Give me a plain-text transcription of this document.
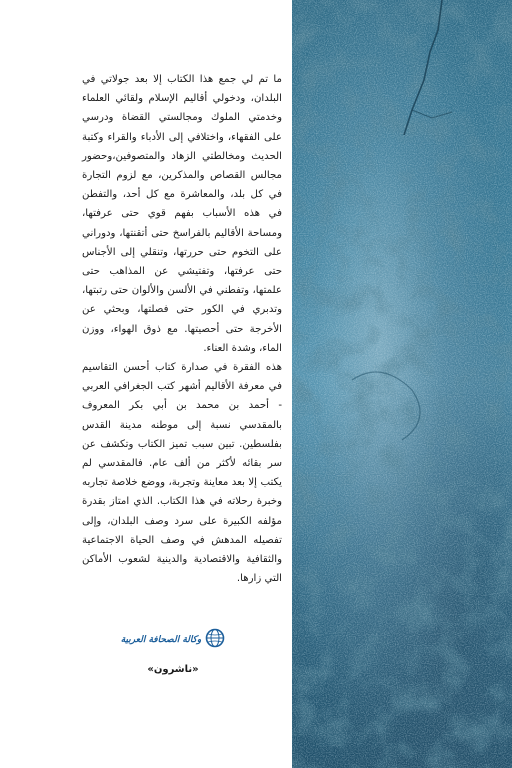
ما تم لي جمع هذا الكتاب إلا بعد جولاتي في البلدان، ودخولي أقاليم الإسلام ولقائي العلماء وخدمتي الملوك ومجالستي القضاة ودرسي على الفقهاء، واختلافي إلى الأدباء والقراء وكتبة الحديث ومخالطتي الزهاد والمتصوفين،وحضور مجالس القصاص والمذكرين، مع لزوم التجارة في كل بلد، والمعاشرة مع كل أحد، والتفطن في هذه الأسباب بفهم قوي حتى عرفتها، ومساحة الأقاليم بالفراسخ حتى أتقنتها، ودوراني على التخوم حتى حررتها، وتنقلي إلى الأجناس حتى عرفتها، وتفتيشي عن المذاهب حتى علمتها، وتفطني في الألسن والألوان حتى رتبتها، وتدبري في الكور حتى فصلتها، وبحثي عن الأخرجة حتى أحصيتها. مع ذوق الهواء، ووزن الماء، وشدة العناء.

هذه الفقرة في صدارة كتاب أحسن التقاسيم في معرفة الأقاليم أشهر كتب الجغرافي العربي - أحمد بن محمد بن أبي بكر المعروف بالمقدسي نسبة إلى موطنه مدينة القدس بفلسطين. تبين سبب تميز الكتاب وتكشف عن سر بقائه لأكثر من ألف عام. فالمقدسي لم يكتب إلا بعد معاينة وتجربة، ووضع خلاصة تجاربه وخبرة رحلاته في هذا الكتاب. الذي امتاز بقدرة مؤلفه الكبيرة على سرد وصف البلدان، وإلى تفصيله المدهش في وصف الحياة الاجتماعية والثقافية والاقتصادية والدينية لشعوب الأماكن التي زارها.

وكالة الصحافة العربية
«ناشرون»
